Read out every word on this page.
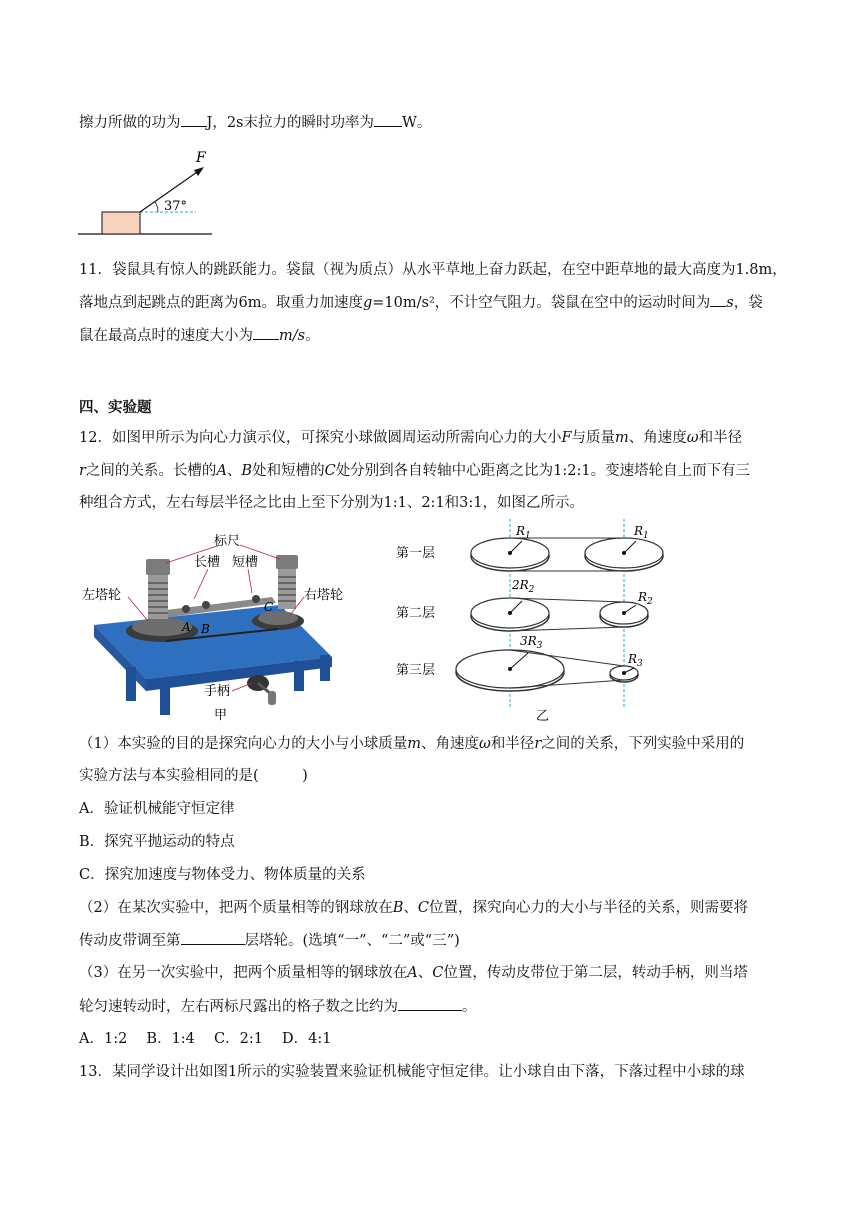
擦力所做的功为 J，2s末拉力的瞬时功率为 W。
F
37°
11．袋鼠具有惊人的跳跃能力。袋鼠（视为质点）从水平草地上奋力跃起，在空中距草地的最大高度为1.8m，
落地点到起跳点的距离为6m。取重力加速度g=10m/s²，不计空气阻力。袋鼠在空中的运动时间为 s，袋
鼠在最高点时的速度大小为 m/s。
四、实验题
12．如图甲所示为向心力演示仪，可探究小球做圆周运动所需向心力的大小F与质量m、角速度ω和半径
r之间的关系。长槽的A、B处和短槽的C处分别到各自转轴中心距离之比为1:2:1。变速塔轮自上而下有三
种组合方式，左右每层半径之比由上至下分别为1:1、2:1和3:1，如图乙所示。
标尺
长槽 短槽
左塔轮	右塔轮
A B
C
手柄
甲
第一层
$R_1$	$R_1$
第二层
$2R_2$	$R_2$
第三层
$3R_3$
$R_3$
乙
（1）本实验的目的是探究向心力的大小与小球质量m、角速度ω和半径r之间的关系，下列实验中采用的
实验方法与本实验相同的是(　　　)
A．验证机械能守恒定律
B．探究平抛运动的特点
C．探究加速度与物体受力、物体质量的关系
（2）在某次实验中，把两个质量相等的钢球放在B、C位置，探究向心力的大小与半径的关系，则需要将
传动皮带调至第	层塔轮。(选填“一”、“二”或“三”)
（3）在另一次实验中，把两个质量相等的钢球放在A、C位置，传动皮带位于第二层，转动手柄，则当塔
轮匀速转动时，左右两标尺露出的格子数之比约为	。
A．1:2　 B．1:4　 C．2:1　 D．4:1
13．某同学设计出如图1所示的实验装置来验证机械能守恒定律。让小球自由下落，下落过程中小球的球
